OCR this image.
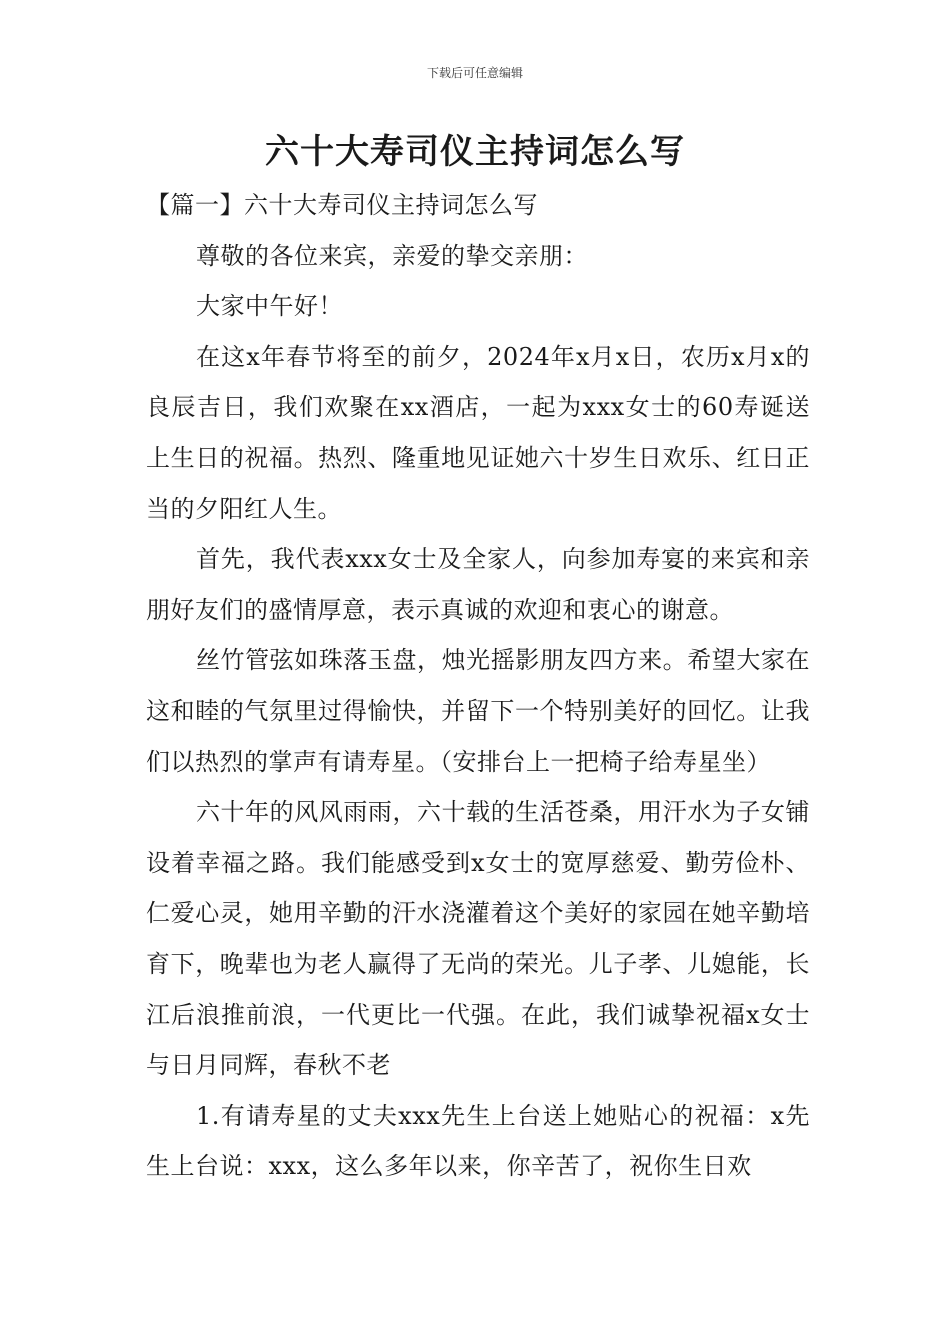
下载后可任意编辑
六十大寿司仪主持词怎么写

【篇一】六十大寿司仪主持词怎么写

尊敬的各位来宾，亲爱的挚交亲朋：

大家中午好！

在这x年春节将至的前夕，2024年x月x日，农历x月x的良辰吉日，我们欢聚在xx酒店，一起为xxx女士的60寿诞送上生日的祝福。热烈、隆重地见证她六十岁生日欢乐、红日正当的夕阳红人生。

首先，我代表xxx女士及全家人，向参加寿宴的来宾和亲朋好友们的盛情厚意，表示真诚的欢迎和衷心的谢意。

丝竹管弦如珠落玉盘，烛光摇影朋友四方来。希望大家在这和睦的气氛里过得愉快，并留下一个特别美好的回忆。让我们以热烈的掌声有请寿星。（安排台上一把椅子给寿星坐）

六十年的风风雨雨，六十载的生活苍桑，用汗水为子女铺设着幸福之路。我们能感受到x女士的宽厚慈爱、勤劳俭朴、仁爱心灵，她用辛勤的汗水浇灌着这个美好的家园在她辛勤培育下，晚辈也为老人赢得了无尚的荣光。儿子孝、儿媳能，长江后浪推前浪，一代更比一代强。在此，我们诚挚祝福x女士与日月同辉，春秋不老

1.有请寿星的丈夫xxx先生上台送上她贴心的祝福：x先生上台说：xxx，这么多年以来，你辛苦了，祝你生日欢
